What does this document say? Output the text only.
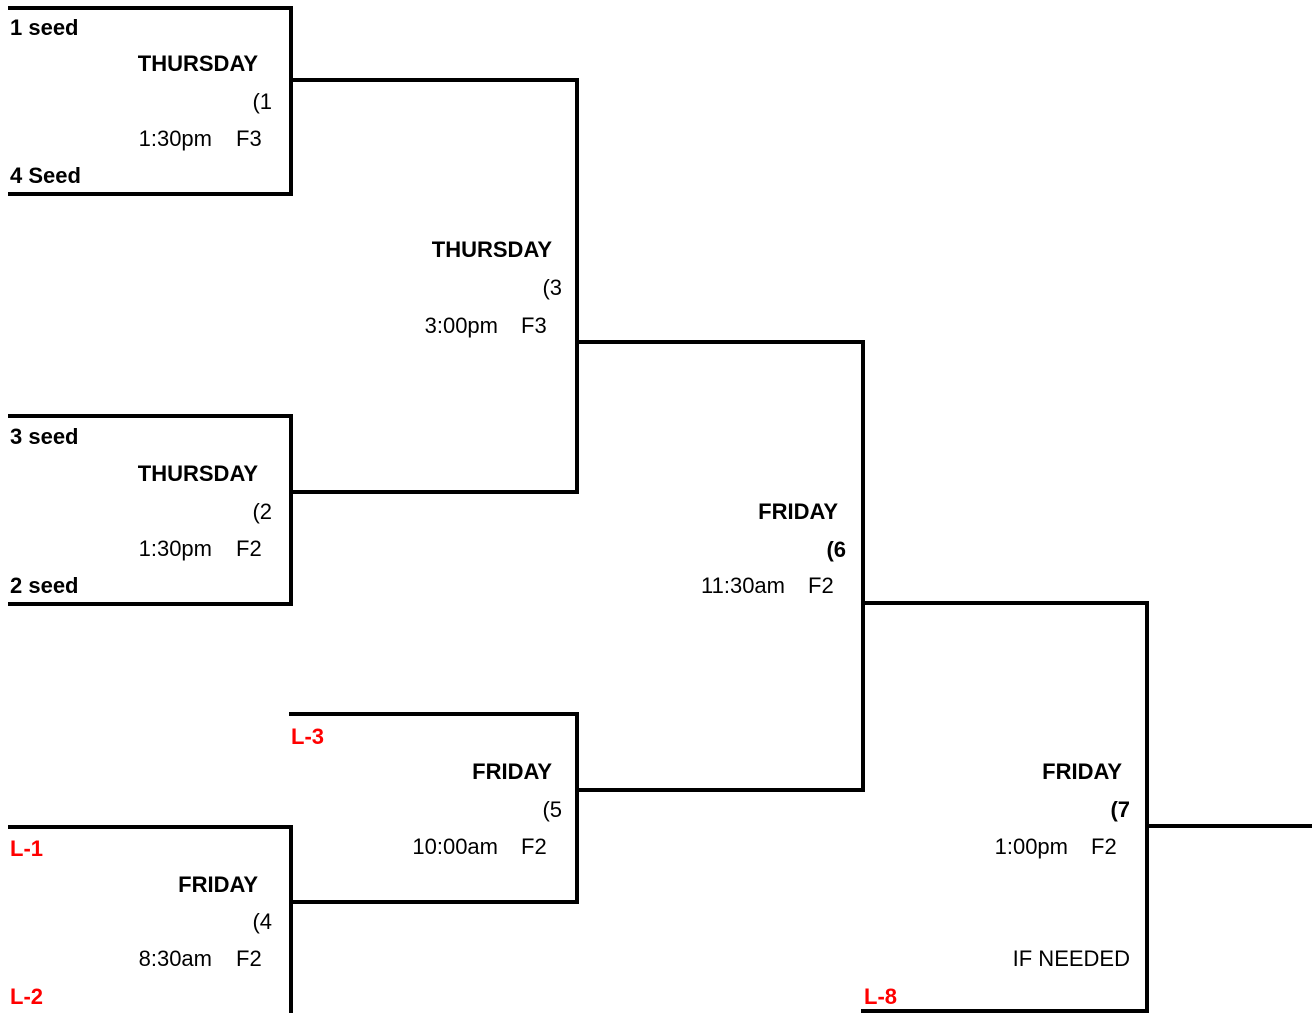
1 seed
THURSDAY
(1
1:30pm F3
4 Seed
3 seed
THURSDAY
(2
1:30pm F2
2 seed
THURSDAY
(3
3:00pm F3
L-1
FRIDAY
(4
8:30am F2
L-2
L-3
FRIDAY
(5
10:00am F2
FRIDAY
(6
11:30am F2
FRIDAY
(7
1:00pm F2
IF NEEDED
L-8
